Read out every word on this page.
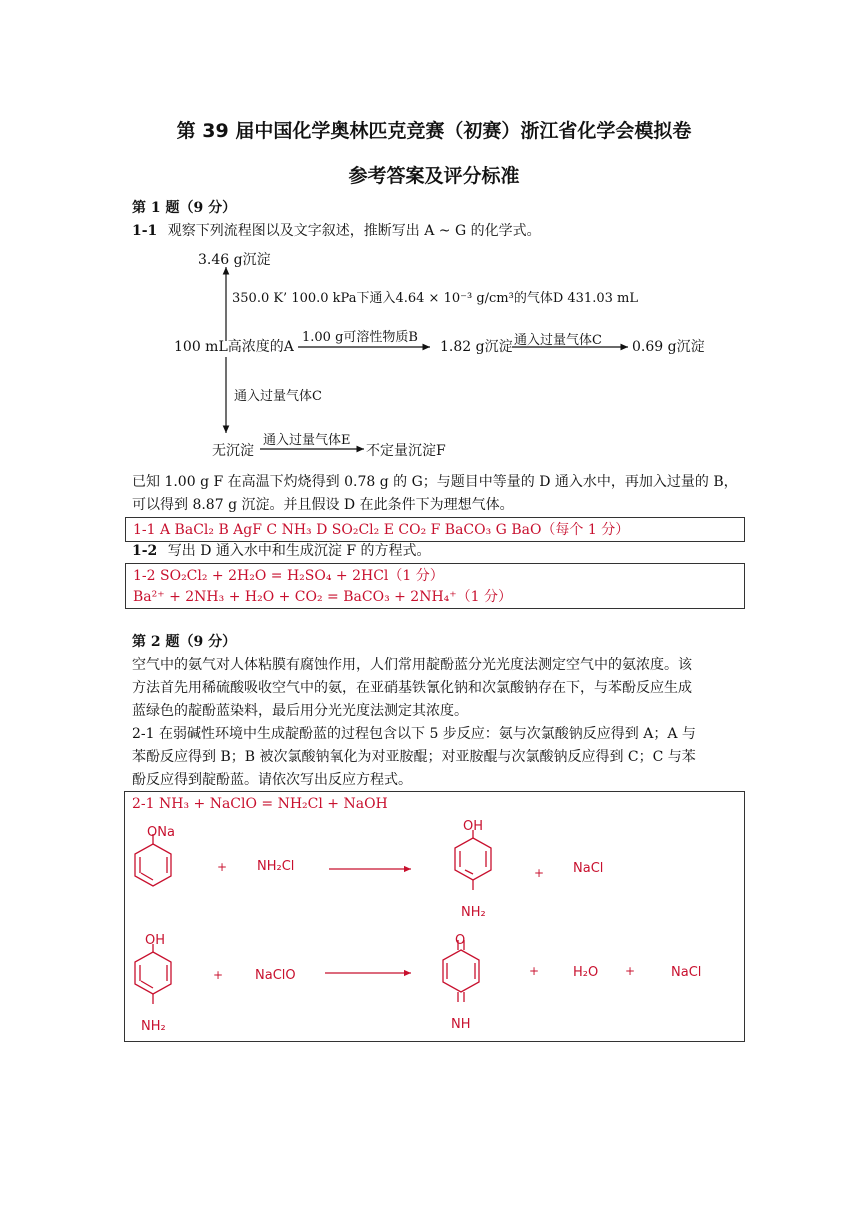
第 39 届中国化学奥林匹克竞赛（初赛）浙江省化学会模拟卷
参考答案及评分标准
第 1 题（9 分）
1-1 观察下列流程图以及文字叙述，推断写出 A ~ G 的化学式。
3.46 g沉淀
350.0 K’ 100.0 kPa下通入4.64 × 10⁻³ g/cm³的气体D 431.03 mL
100 mL高浓度的A
1.00 g可溶性物质B
1.82 g沉淀 通入过量气体C 0.69 g沉淀
通入过量气体C
无沉淀
通入过量气体E
不定量沉淀F
已知 1.00 g F 在高温下灼烧得到 0.78 g 的 G；与题目中等量的 D 通入水中，再加入过量的 B，
可以得到 8.87 g 沉淀。并且假设 D 在此条件下为理想气体。
1-1 A BaCl₂ B AgF C NH₃ D SO₂Cl₂ E CO₂ F BaCO₃ G BaO（每个 1 分）
1-2 写出 D 通入水中和生成沉淀 F 的方程式。
1-2 SO₂Cl₂ + 2H₂O = H₂SO₄ + 2HCl（1 分）
Ba²⁺ + 2NH₃ + H₂O + CO₂ = BaCO₃ + 2NH₄⁺（1 分）
第 2 题（9 分）
空气中的氨气对人体粘膜有腐蚀作用，人们常用靛酚蓝分光光度法测定空气中的氨浓度。该
方法首先用稀硫酸吸收空气中的氨，在亚硝基铁氰化钠和次氯酸钠存在下，与苯酚反应生成
蓝绿色的靛酚蓝染料，最后用分光光度法测定其浓度。
2-1 在弱碱性环境中生成靛酚蓝的过程包含以下 5 步反应：氨与次氯酸钠反应得到 A；A 与
苯酚反应得到 B；B 被次氯酸钠氧化为对亚胺醌；对亚胺醌与次氯酸钠反应得到 C；C 与苯
酚反应得到靛酚蓝。请依次写出反应方程式。
2-1 NH₃ + NaClO = NH₂Cl + NaOH
ONa
+ NH₂Cl
OH
NH₂
+ NaCl
OH
NH₂
+ NaClO
O
NH
+	H₂O +	NaCl
